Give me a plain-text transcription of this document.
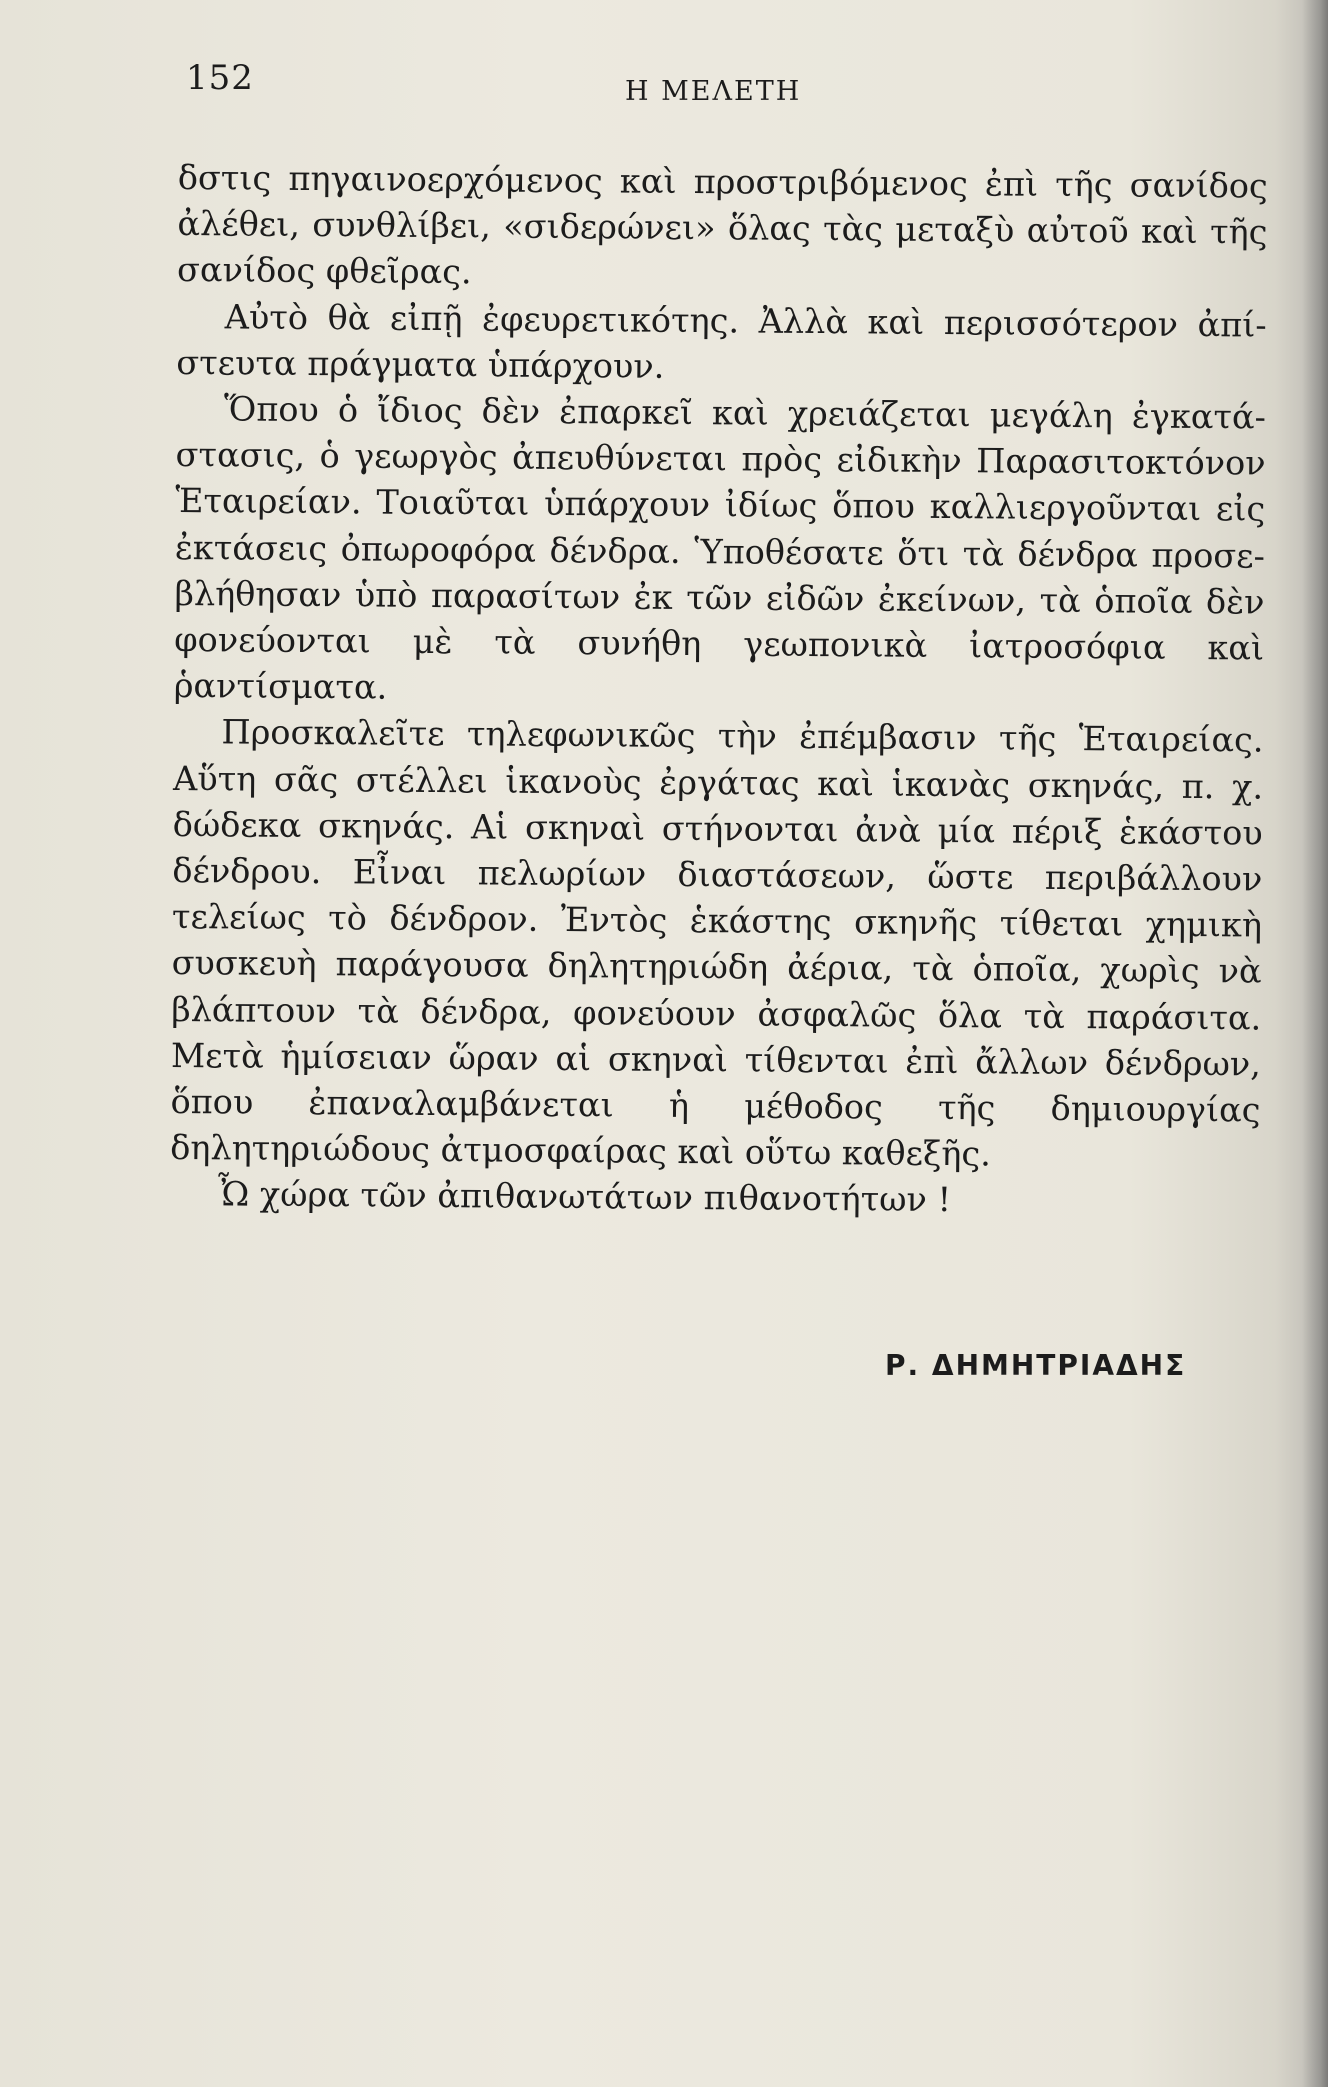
152	Η ΜΕΛΕΤΗ

δστις πηγαινοερχόμενος καὶ προστριβόμενος ἐπὶ τῆς σανίδος ἀλέθει, συνθλίβει, «σιδερώνει» ὅλας τὰς μεταξὺ αὐτοῦ καὶ τῆς σανίδος φθεῖρας.

Αὐτὸ θὰ εἰπῇ ἐφευρετικότης. Ἀλλὰ καὶ περισσότερον ἀπίστευτα πράγματα ὑπάρχουν.

Ὅπου ὁ ἴδιος δὲν ἐπαρκεῖ καὶ χρειάζεται μεγάλη ἐγκατάστασις, ὁ γεωργὸς ἀπευθύνεται πρὸς εἰδικὴν Παρασιτοκτόνον Ἑταιρείαν. Τοιαῦται ὑπάρχουν ἰδίως ὅπου καλλιεργοῦνται εἰς ἐκτάσεις ὀπωροφόρα δένδρα. Ὑποθέσατε ὅτι τὰ δένδρα προσεβλήθησαν ὑπὸ παρασίτων ἐκ τῶν εἰδῶν ἐκείνων, τὰ ὁποῖα δὲν φονεύονται μὲ τὰ συνήθη γεωπονικὰ ἰατροσόφια καὶ ῥαντίσματα.

Προσκαλεῖτε τηλεφωνικῶς τὴν ἐπέμβασιν τῆς Ἑταιρείας. Αὕτη σᾶς στέλλει ἱκανοὺς ἐργάτας καὶ ἱκανὰς σκηνάς, π. χ. δώδεκα σκηνάς. Αἱ σκηναὶ στήνονται ἀνὰ μία πέριξ ἑκάστου δένδρου. Εἶναι πελωρίων διαστάσεων, ὥστε περιβάλλουν τελείως τὸ δένδρον. Ἐντὸς ἑκάστης σκηνῆς τίθεται χημικὴ συσκευὴ παράγουσα δηλητηριώδη ἀέρια, τὰ ὁποῖα, χωρὶς νὰ βλάπτουν τὰ δένδρα, φονεύουν ἀσφαλῶς ὅλα τὰ παράσιτα. Μετὰ ἡμίσειαν ὥραν αἱ σκηναὶ τίθενται ἐπὶ ἄλλων δένδρων, ὅπου ἐπαναλαμβάνεται ἡ μέθοδος τῆς δημιουργίας δηλητηριώδους ἀτμοσφαίρας καὶ οὕτω καθεξῆς.

Ὦ χώρα τῶν ἀπιθανωτάτων πιθανοτήτων !

Ρ. ΔΗΜΗΤΡΙΑΔΗΣ
